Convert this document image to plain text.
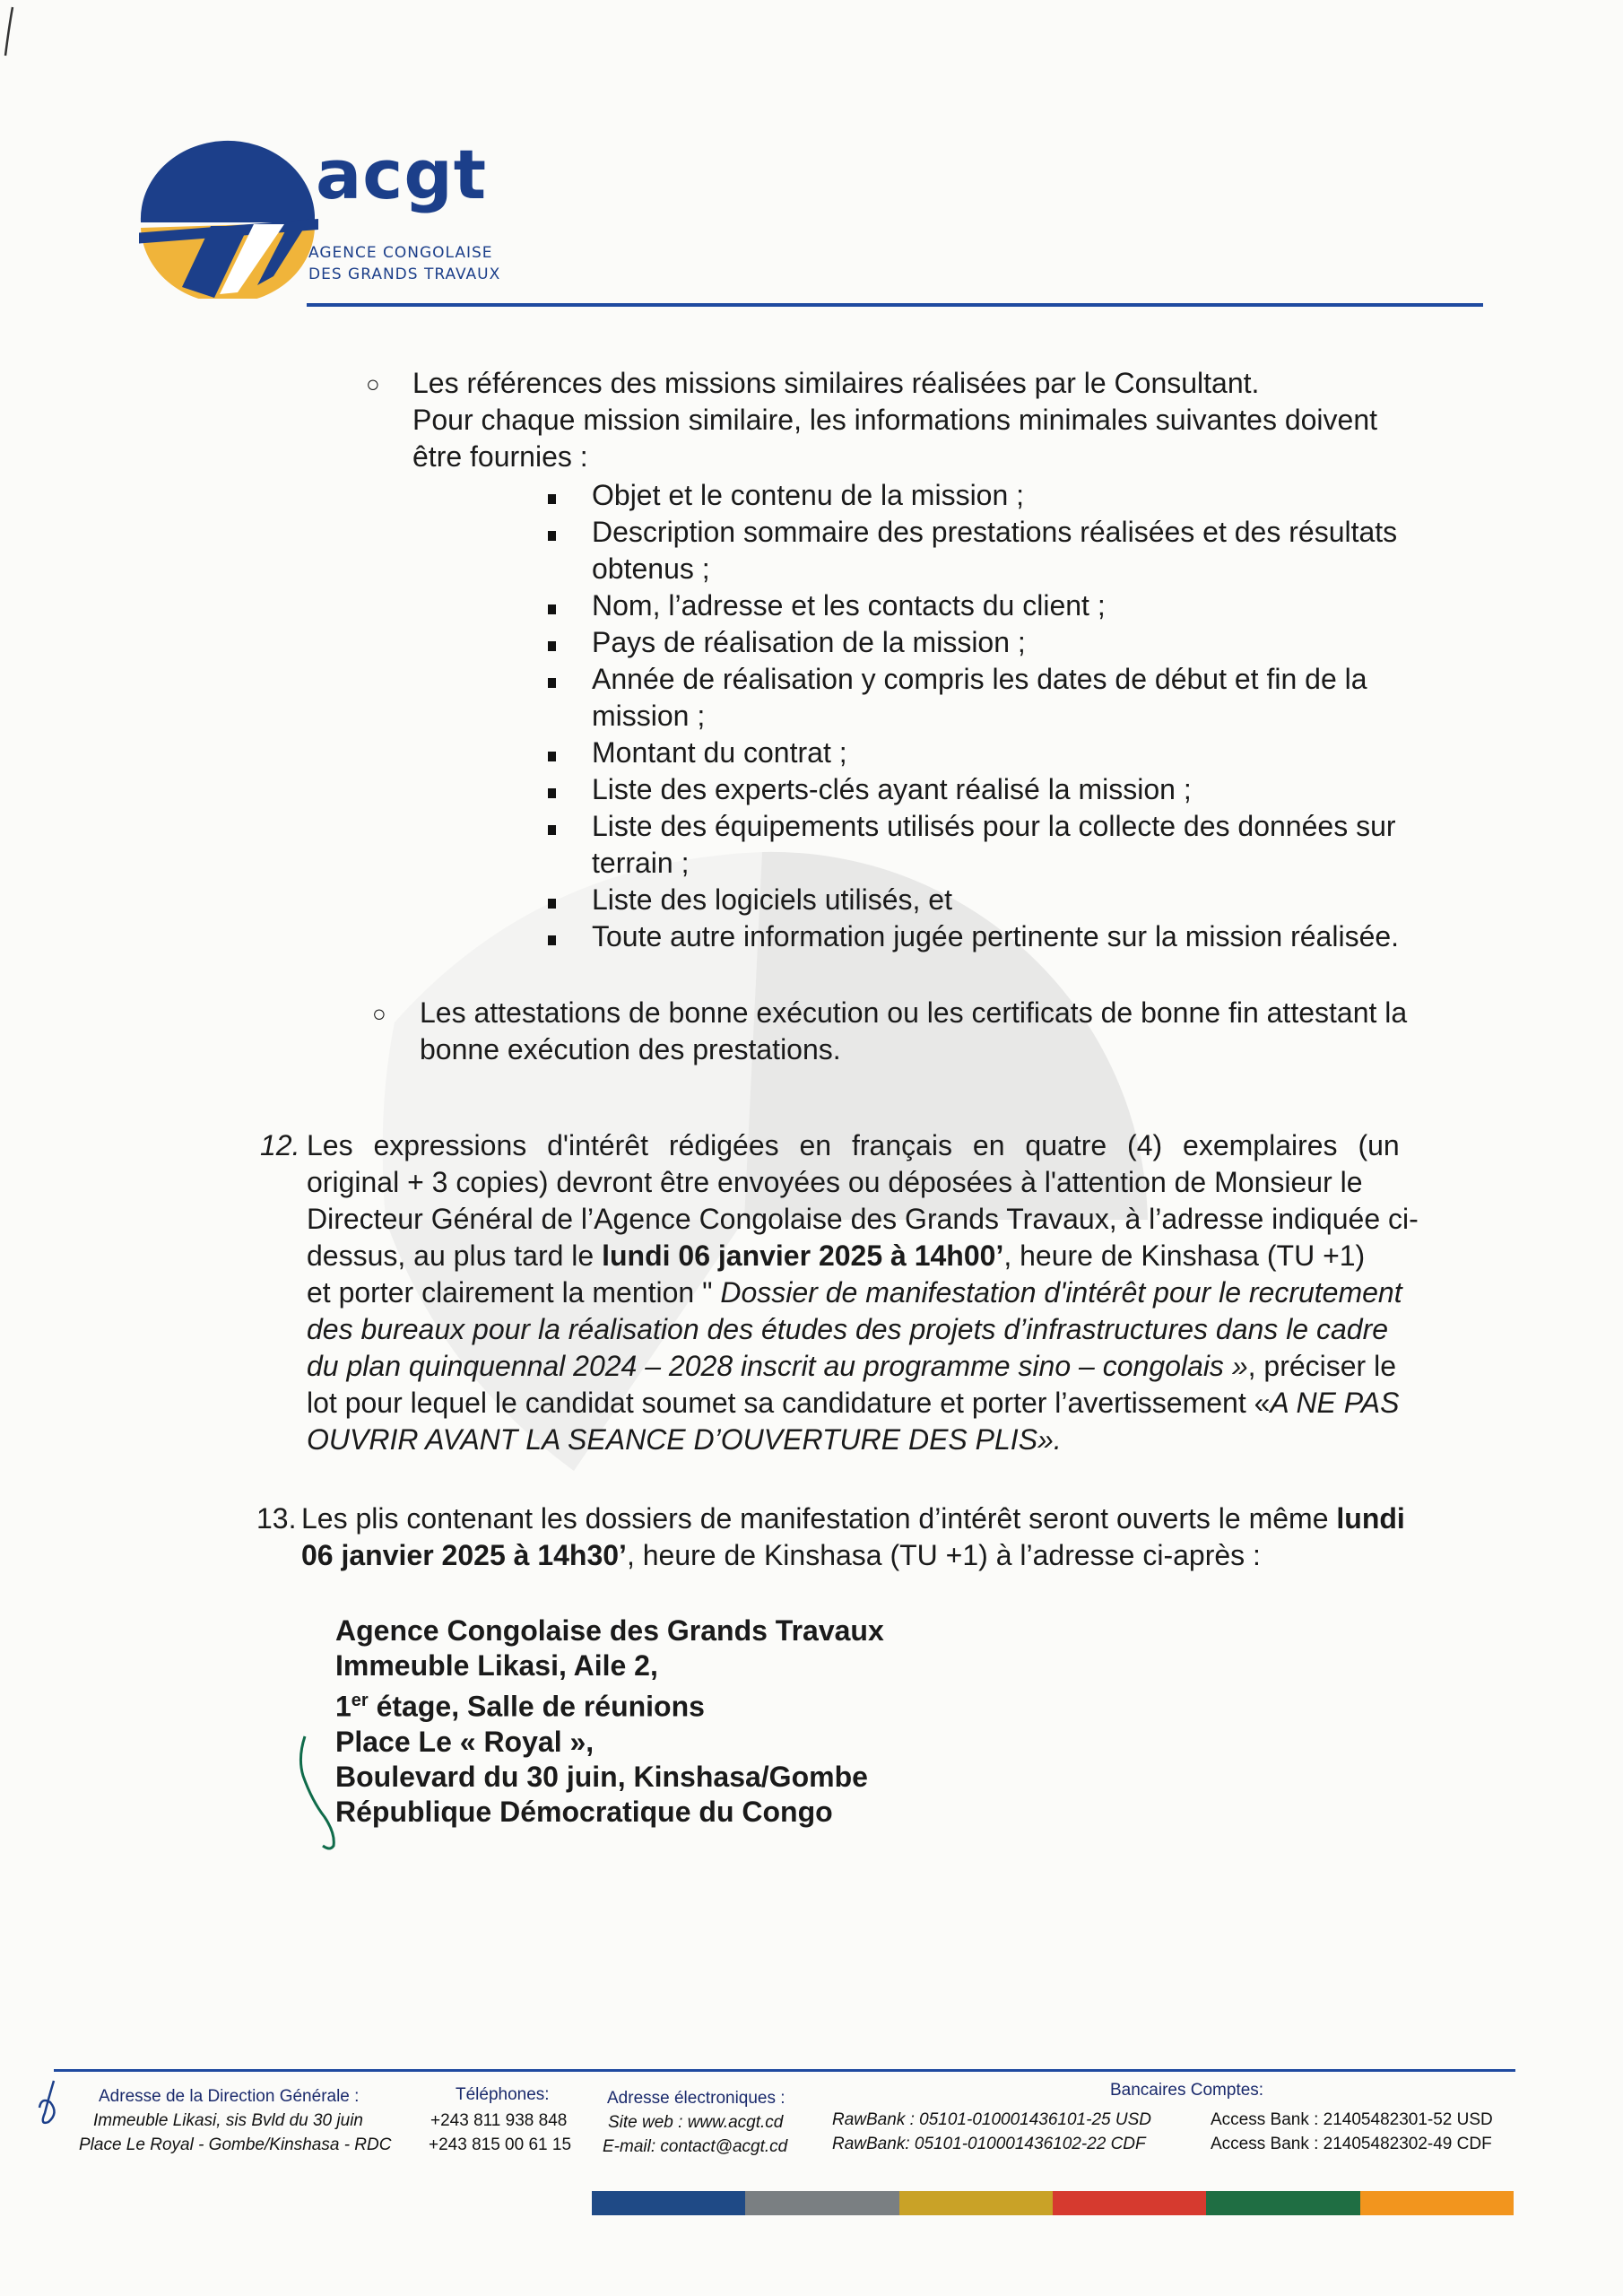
acgt
AGENCE CONGOLAISE
DES GRANDS TRAVAUX
○ Les références des missions similaires réalisées par le Consultant.
Pour chaque mission similaire, les informations minimales suivantes doivent
être fournies :
Objet et le contenu de la mission ;
Description sommaire des prestations réalisées et des résultats
obtenus ;
Nom, l’adresse et les contacts du client ;
Pays de réalisation de la mission ;
Année de réalisation y compris les dates de début et fin de la
mission ;
Montant du contrat ;
Liste des experts-clés ayant réalisé la mission ;
Liste des équipements utilisés pour la collecte des données sur
terrain ;
Liste des logiciels utilisés, et
Toute autre information jugée pertinente sur la mission réalisée.
○ Les attestations de bonne exécution ou les certificats de bonne fin attestant la
bonne exécution des prestations.
12. Les expressions d'intérêt rédigées en français en quatre (4) exemplaires (un
original + 3 copies) devront être envoyées ou déposées à l'attention de Monsieur le
Directeur Général de l’Agence Congolaise des Grands Travaux, à l’adresse indiquée ci-
dessus, au plus tard le lundi 06 janvier 2025 à 14h00’, heure de Kinshasa (TU +1)
et porter clairement la mention " Dossier de manifestation d'intérêt pour le recrutement
des bureaux pour la réalisation des études des projets d’infrastructures dans le cadre
du plan quinquennal 2024 – 2028 inscrit au programme sino – congolais », préciser le
lot pour lequel le candidat soumet sa candidature et porter l’avertissement «A NE PAS
OUVRIR AVANT LA SEANCE D’OUVERTURE DES PLIS».
13. Les plis contenant les dossiers de manifestation d’intérêt seront ouverts le même lundi
06 janvier 2025 à 14h30’, heure de Kinshasa (TU +1) à l’adresse ci-après :
Agence Congolaise des Grands Travaux
Immeuble Likasi, Aile 2,
1er étage, Salle de réunions
Place Le « Royal »,
Boulevard du 30 juin, Kinshasa/Gombe
République Démocratique du Congo
Adresse de la Direction Générale :
Immeuble Likasi, sis Bvld du 30 juin
Place Le Royal - Gombe/Kinshasa - RDC
Téléphones:
+243 811 938 848
+243 815 00 61 15
Adresse électroniques :
Site web : www.acgt.cd
E-mail: contact@acgt.cd
Bancaires Comptes:
RawBank : 05101-010001436101-25 USD
RawBank: 05101-010001436102-22 CDF
Access Bank : 21405482301-52 USD
Access Bank : 21405482302-49 CDF
